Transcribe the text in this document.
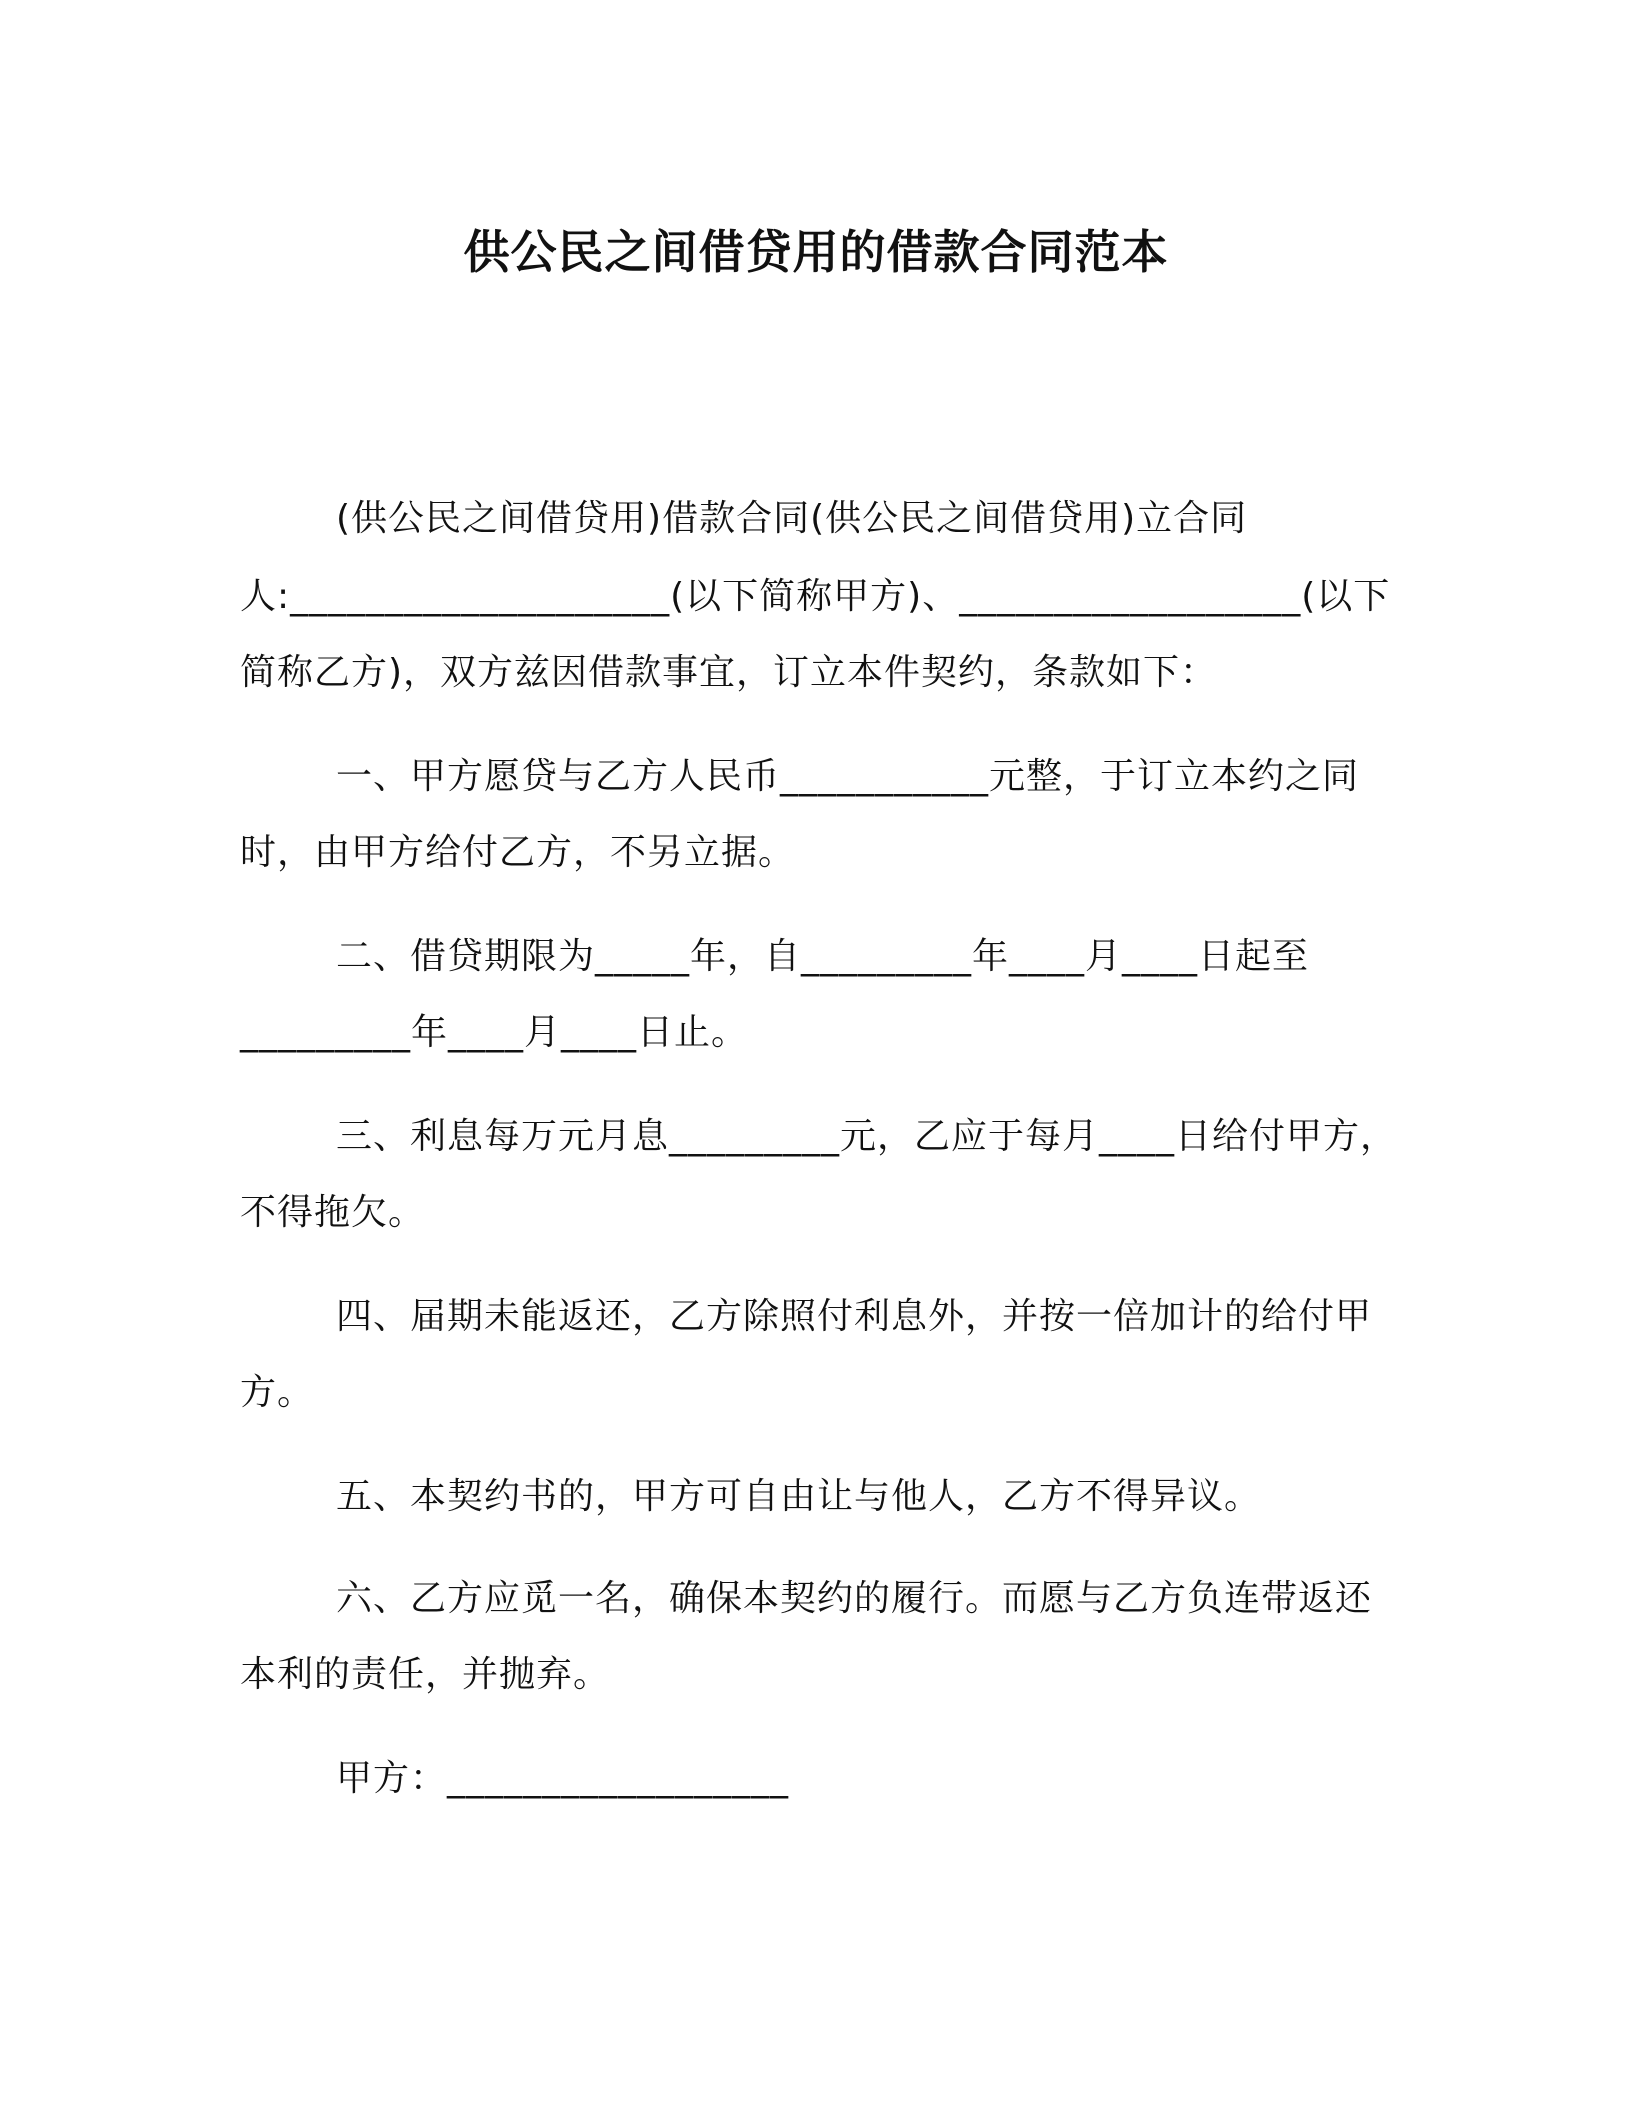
供公民之间借贷用的借款合同范本
(供公民之间借贷用)借款合同(供公民之间借贷用)立合同
人:____________________(以下简称甲方)、__________________(以下
简称乙方)，双方兹因借款事宜，订立本件契约，条款如下：
一、甲方愿贷与乙方人民币___________元整，于订立本约之同
时，由甲方给付乙方，不另立据。
二、借贷期限为_____年，自_________年____月____日起至
_________年____月____日止。
三、利息每万元月息_________元，乙应于每月____日给付甲方，
不得拖欠。
四、届期未能返还，乙方除照付利息外，并按一倍加计的给付甲
方。
五、本契约书的，甲方可自由让与他人，乙方不得异议。
六、乙方应觅一名，确保本契约的履行。而愿与乙方负连带返还
本利的责任，并抛弃。
甲方：__________________
